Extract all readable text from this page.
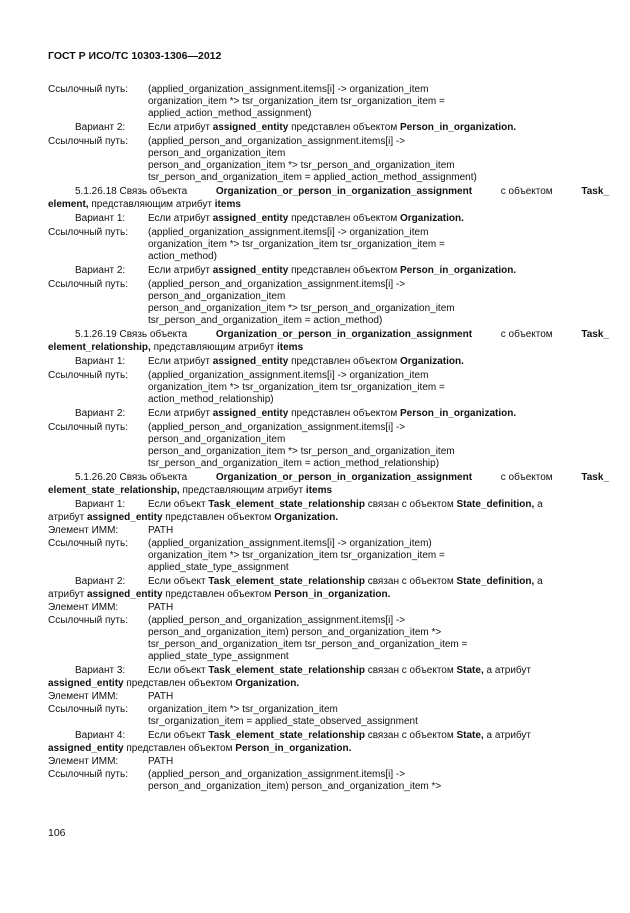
ГОСТ Р ИСО/ТС 10303-1306—2012
Ссылочный путь: (applied_organization_assignment.items[i] -> organization_item
organization_item *> tsr_organization_item tsr_organization_item =
applied_action_method_assignment)
Вариант 2: Если атрибут assigned_entity представлен объектом Person_in_organization.
Ссылочный путь: (applied_person_and_organization_assignment.items[i] ->
person_and_organization_item
person_and_organization_item *> tsr_person_and_organization_item
tsr_person_and_organization_item = applied_action_method_assignment)
5.1.26.18 Связь объекта	Organization_or_person_in_organization_assignment	с объектом	Task_
element, представляющим атрибут items
Вариант 1: Если атрибут assigned_entity представлен объектом Organization.
Ссылочный путь: (applied_organization_assignment.items[i] -> organization_item
organization_item *> tsr_organization_item tsr_organization_item =
action_method)
Вариант 2: Если атрибут assigned_entity представлен объектом Person_in_organization.
Ссылочный путь: (applied_person_and_organization_assignment.items[i] ->
person_and_organization_item
person_and_organization_item *> tsr_person_and_organization_item
tsr_person_and_organization_item = action_method)
5.1.26.19 Связь объекта	Organization_or_person_in_organization_assignment	с объектом	Task_
element_relationship, представляющим атрибут items
Вариант 1: Если атрибут assigned_entity представлен объектом Organization.
Ссылочный путь: (applied_organization_assignment.items[i] -> organization_item
organization_item *> tsr_organization_item tsr_organization_item =
action_method_relationship)
Вариант 2: Если атрибут assigned_entity представлен объектом Person_in_organization.
Ссылочный путь: (applied_person_and_organization_assignment.items[i] ->
person_and_organization_item
person_and_organization_item *> tsr_person_and_organization_item
tsr_person_and_organization_item = action_method_relationship)
5.1.26.20 Связь объекта	Organization_or_person_in_organization_assignment	с объектом	Task_
element_state_relationship, представляющим атрибут items
Вариант 1: Если объект Task_element_state_relationship связан с объектом State_definition, а
атрибут assigned_entity представлен объектом Organization.
Элемент ИММ:	PATH
Ссылочный путь: (applied_organization_assignment.items[i] -> organization_item)
organization_item *> tsr_organization_item tsr_organization_item =
applied_state_type_assignment
Вариант 2: Если объект Task_element_state_relationship связан с объектом State_definition, а
атрибут assigned_entity представлен объектом Person_in_organization.
Элемент ИММ:	PATH
Ссылочный путь: (applied_person_and_organization_assignment.items[i] ->
person_and_organization_item) person_and_organization_item *>
tsr_person_and_organization_item tsr_person_and_organization_item =
applied_state_type_assignment
Вариант 3: Если объект Task_element_state_relationship связан с объектом State, а атрибут
assigned_entity представлен объектом Organization.
Элемент ИММ:	PATH
Ссылочный путь: organization_item *> tsr_organization_item
tsr_organization_item = applied_state_observed_assignment
Вариант 4: Если объект Task_element_state_relationship связан с объектом State, а атрибут
assigned_entity представлен объектом Person_in_organization.
Элемент ИММ:	PATH
Ссылочный путь: (applied_person_and_organization_assignment.items[i] ->
person_and_organization_item) person_and_organization_item *>
106
